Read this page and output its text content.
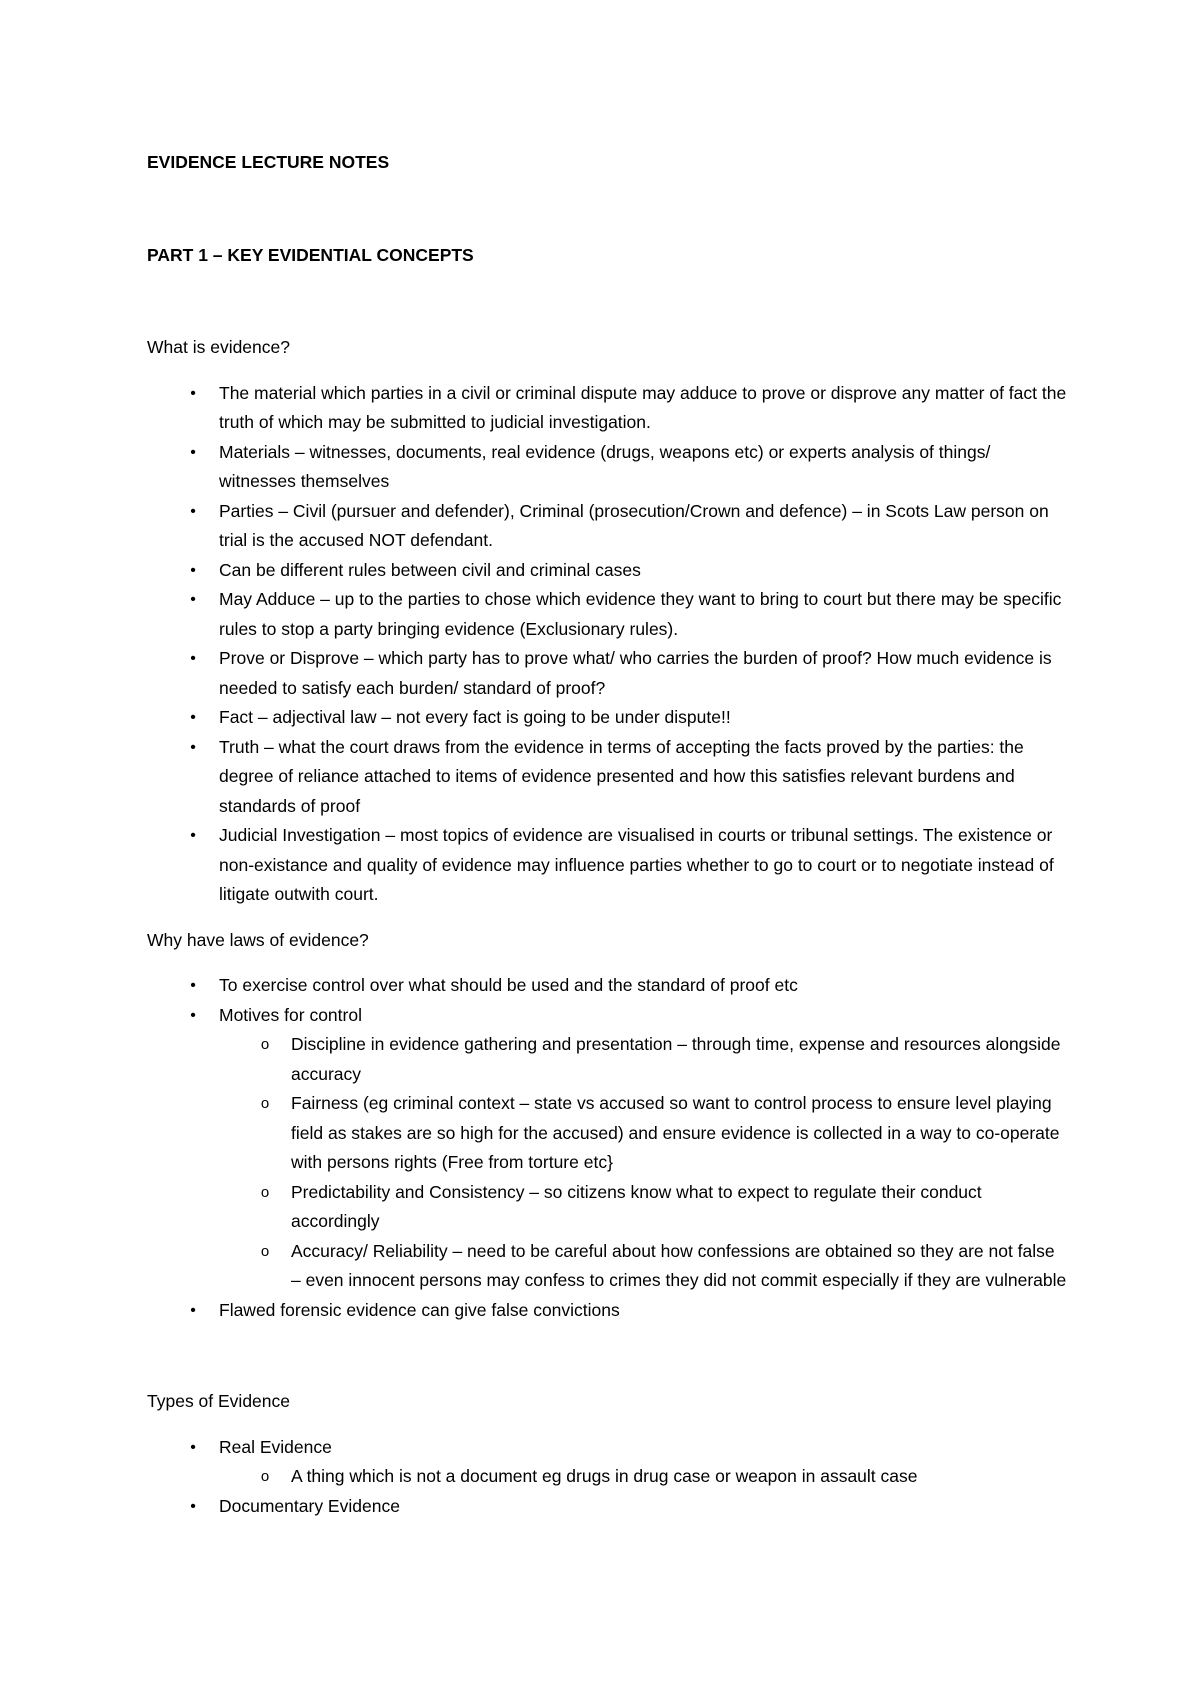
EVIDENCE LECTURE NOTES

PART 1 – KEY EVIDENTIAL CONCEPTS

What is evidence?

•	The material which parties in a civil or criminal dispute may adduce to prove or disprove any matter of fact the truth of which may be submitted to judicial investigation.
•	Materials – witnesses, documents, real evidence (drugs, weapons etc) or experts analysis of things/ witnesses themselves
•	Parties – Civil (pursuer and defender), Criminal (prosecution/Crown and defence) – in Scots Law person on trial is the accused NOT defendant.
•	Can be different rules between civil and criminal cases
•	May Adduce – up to the parties to chose which evidence they want to bring to court but there may be specific rules to stop a party bringing evidence (Exclusionary rules).
•	Prove or Disprove – which party has to prove what/ who carries the burden of proof? How much evidence is needed to satisfy each burden/ standard of proof?
•	Fact – adjectival law – not every fact is going to be under dispute!!
•	Truth – what the court draws from the evidence in terms of accepting the facts proved by the parties: the degree of reliance attached to items of evidence presented and how this satisfies relevant burdens and standards of proof
•	Judicial Investigation – most topics of evidence are visualised in courts or tribunal settings. The existence or non-existance and quality of evidence may influence parties whether to go to court or to negotiate instead of litigate outwith court.

Why have laws of evidence?

•	To exercise control over what should be used and the standard of proof etc
•	Motives for control
o	Discipline in evidence gathering and presentation – through time, expense and resources alongside accuracy
o	Fairness (eg criminal context – state vs accused so want to control process to ensure level playing field as stakes are so high for the accused) and ensure evidence is collected in a way to co-operate with persons rights (Free from torture etc}
o	Predictability and Consistency – so citizens know what to expect to regulate their conduct accordingly
o	Accuracy/ Reliability – need to be careful about how confessions are obtained so they are not false – even innocent persons may confess to crimes they did not commit especially if they are vulnerable
•	Flawed forensic evidence can give false convictions

Types of Evidence

•	Real Evidence
o	A thing which is not a document eg drugs in drug case or weapon in assault case
•	Documentary Evidence
